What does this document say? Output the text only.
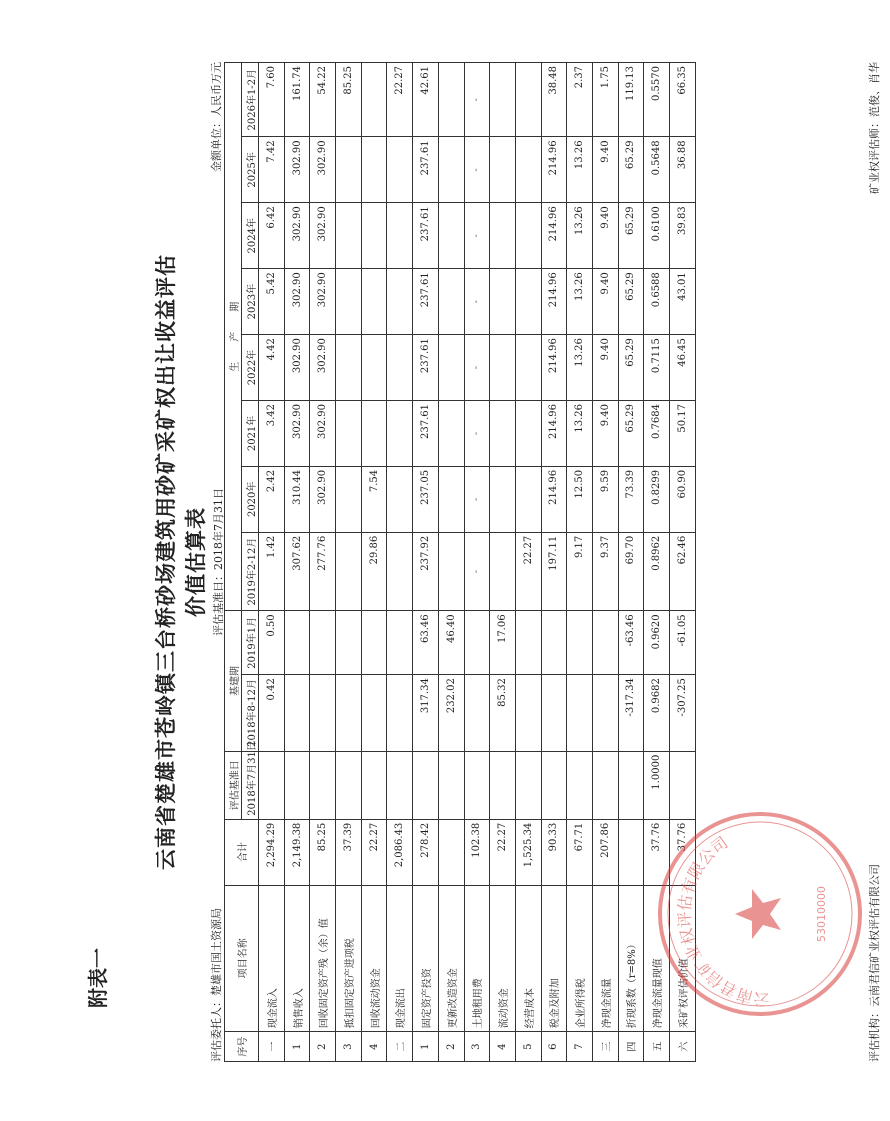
附表一
云南省楚雄市苍岭镇三台桥砂场建筑用砂矿采矿权出让收益评估 价值估算表 评估基准日：2018年7月31日
评估委托人：楚雄市国土资源局
金额单位：人民币万元
序号	项目名称	合计	评估基准日	基建期		生　　产　　期							
			2018年7月31日	2018年8-12月	2019年1月	2019年2-12月	2020年	2021年	2022年	2023年	2024年	2025年	2026年1-2月
一	现金流入	2,294.29		0.42	0.50	1.42	2.42	3.42	4.42	5.42	6.42	7.42	7.60
1	销售收入	2,149.38				307.62	310.44	302.90	302.90	302.90	302.90	302.90	161.74
2	回收固定资产残（余）值	85.25				277.76	302.90	302.90	302.90	302.90	302.90	302.90	54.22
3	抵扣固定资产进项税	37.39											85.25
4	回收流动资金	22.27				29.86	7.54						
二	现金流出	2,086.43											22.27
1	固定资产投资	278.42		317.34	63.46	237.92	237.05	237.61	237.61	237.61	237.61	237.61	42.61
2	更新改造资金			232.02	46.40								
3	土地租用费	102.38				-	-	-	-	-	-	-	-
4	流动资金	22.27		85.32	17.06								
5	经营成本	1,525.34				22.27							
6	税金及附加	90.33				197.11	214.96	214.96	214.96	214.96	214.96	214.96	38.48
7	企业所得税	67.71				9.17	12.50	13.26	13.26	13.26	13.26	13.26	2.37
三	净现金流量	207.86				9.37	9.59	9.40	9.40	9.40	9.40	9.40	1.75
四	折现系数（r=8%）			-317.34	-63.46	69.70	73.39	65.29	65.29	65.29	65.29	65.29	119.13
五	净现金流量现值	37.76	1.0000	0.9682	0.9620	0.8962	0.8299	0.7684	0.7115	0.6588	0.6100	0.5648	0.5570
六	采矿权评估价值	37.76		-307.25	-61.05	62.46	60.90	50.17	46.45	43.01	39.83	36.88	66.35
评估机构：云南君信矿业权评估有限公司
矿业权评估师：范俊、肖华
云南君信矿业权评估有限公司
53010000
